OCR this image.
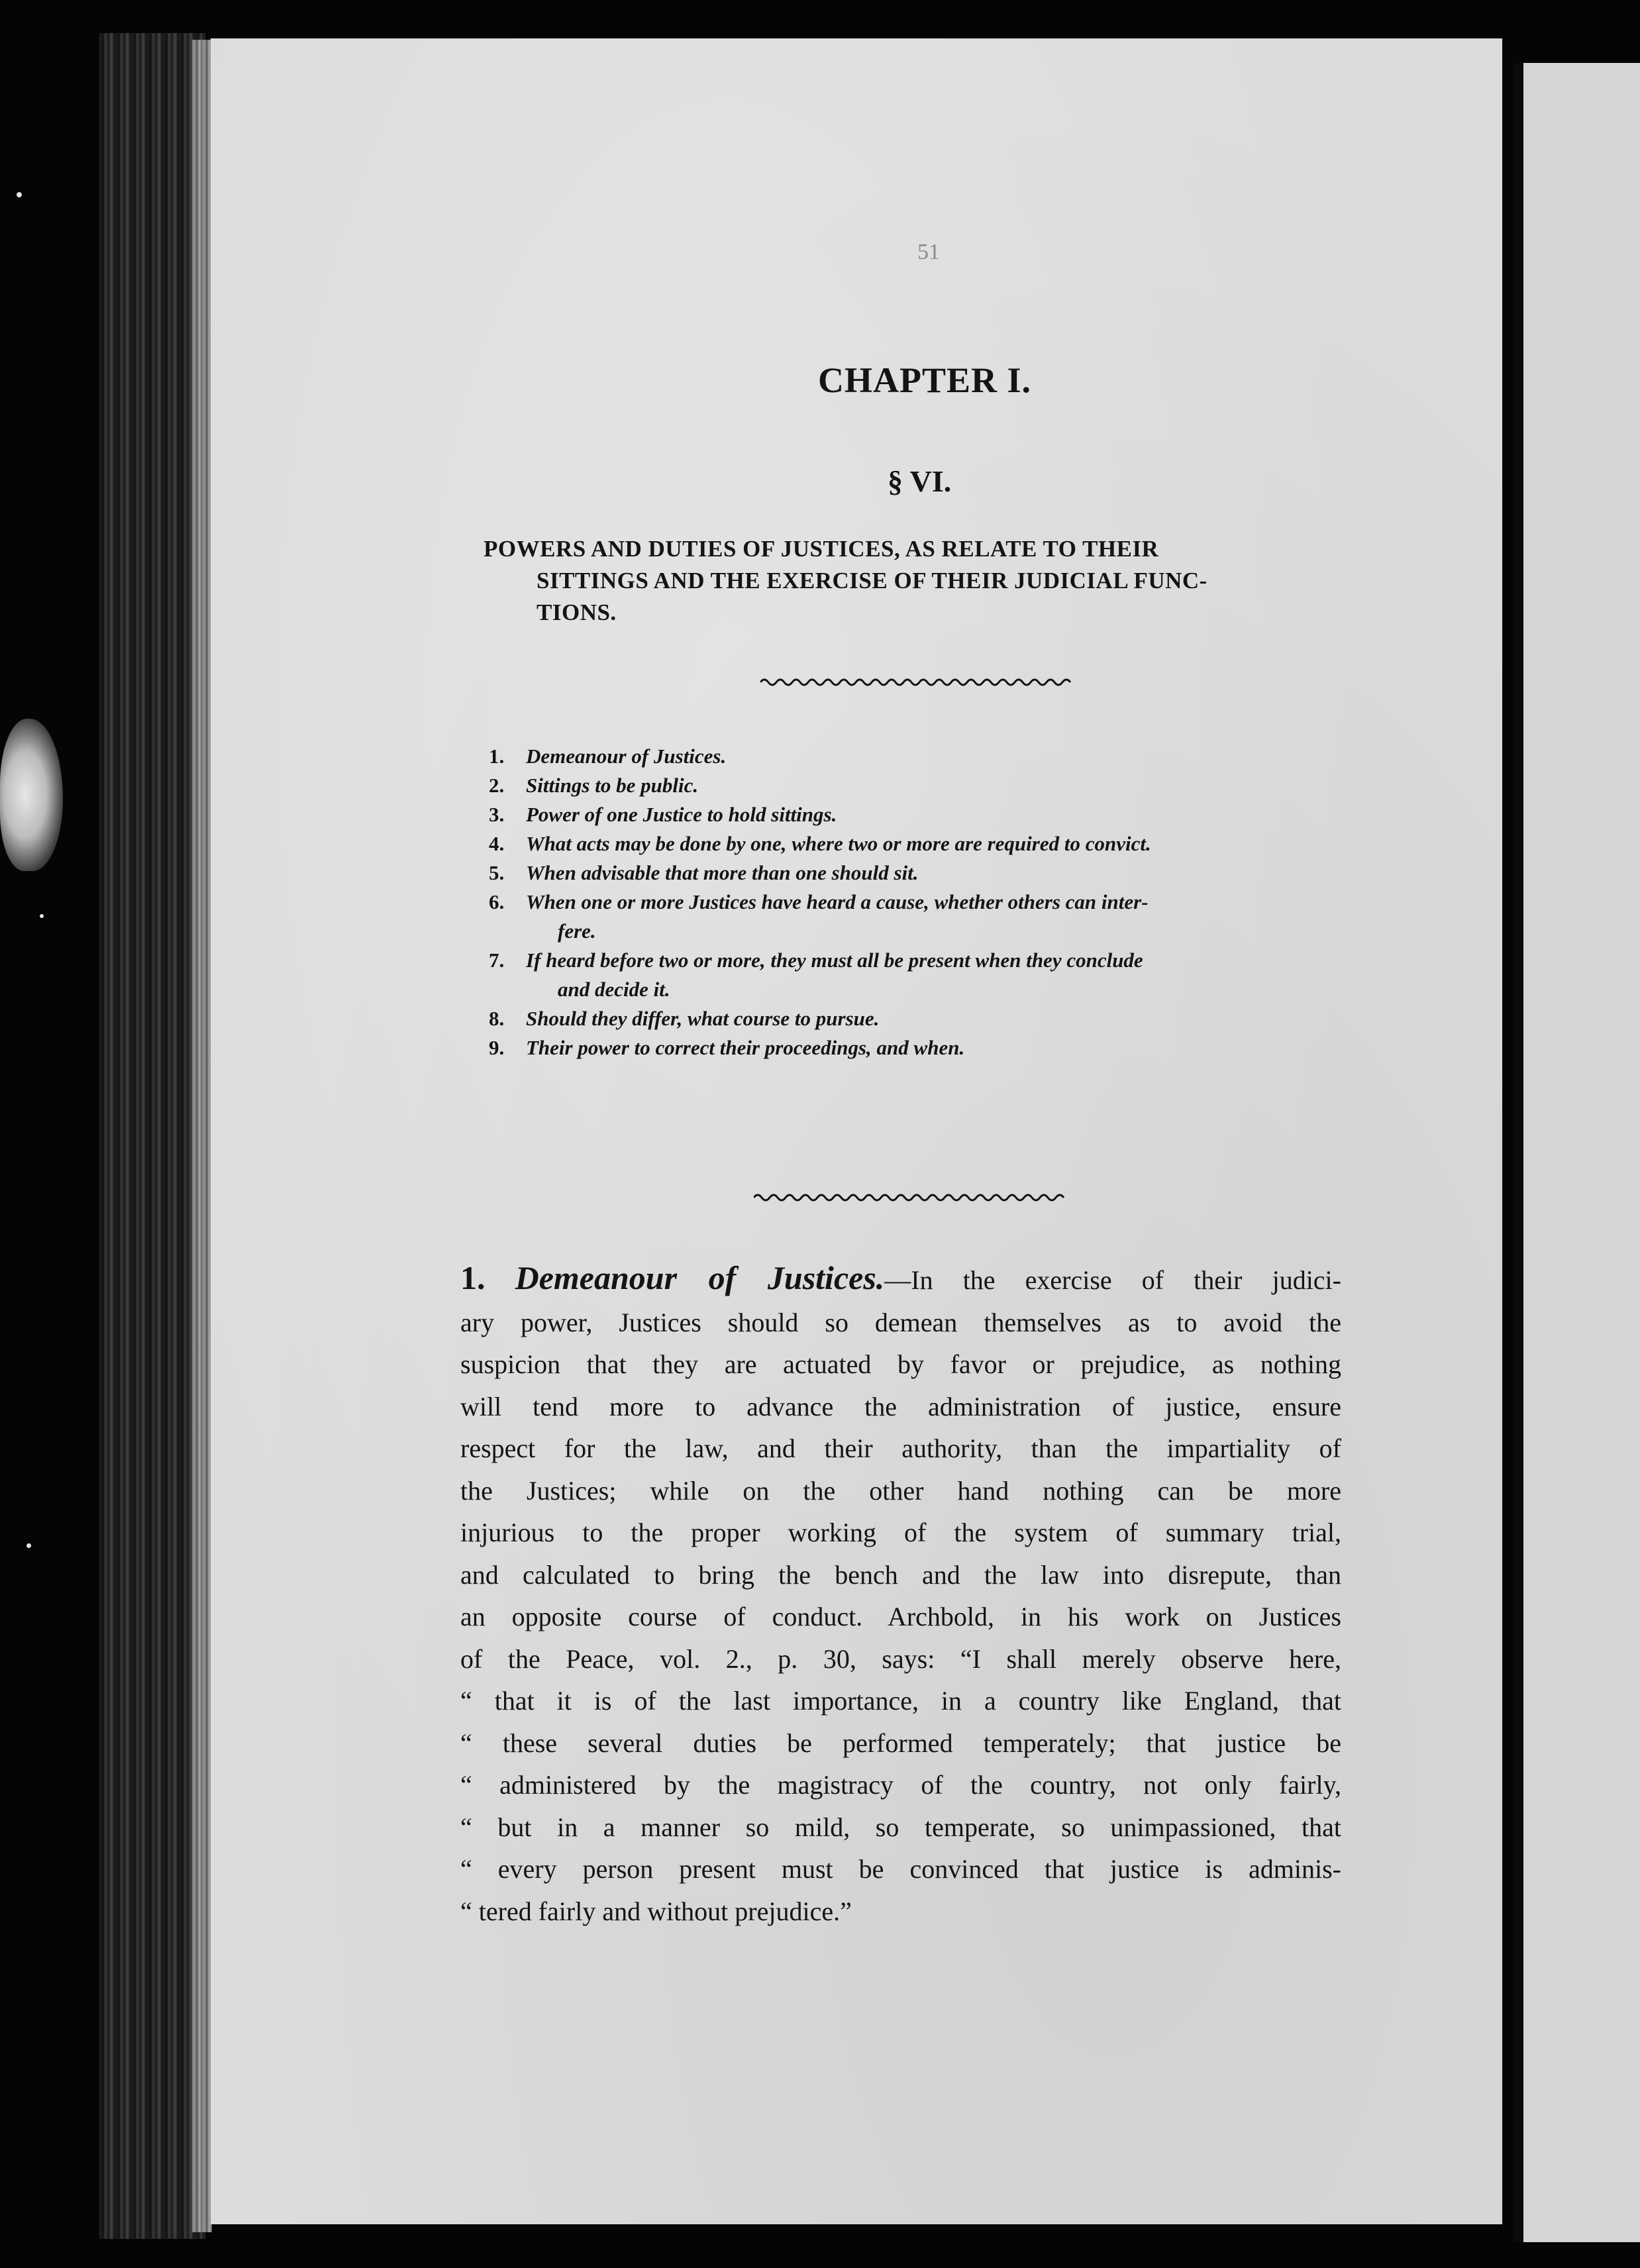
51
CHAPTER I.
§ VI.
POWERS AND DUTIES OF JUSTICES, AS RELATE TO THEIR
SITTINGS AND THE EXERCISE OF THEIR JUDICIAL FUNC-
TIONS.
1. Demeanour of Justices.
2. Sittings to be public.
3. Power of one Justice to hold sittings.
4. What acts may be done by one, where two or more are required to convict.
5. When advisable that more than one should sit.
6. When one or more Justices have heard a cause, whether others can inter-
fere.
7. If heard before two or more, they must all be present when they conclude
and decide it.
8. Should they differ, what course to pursue.
9. Their power to correct their proceedings, and when.
1. Demeanour of Justices.—In the exercise of their judici-
ary power, Justices should so demean themselves as to avoid the
suspicion that they are actuated by favor or prejudice, as nothing
will tend more to advance the administration of justice, ensure
respect for the law, and their authority, than the impartiality of
the Justices; while on the other hand nothing can be more
injurious to the proper working of the system of summary trial,
and calculated to bring the bench and the law into disrepute, than
an opposite course of conduct. Archbold, in his work on Justices
of the Peace, vol. 2., p. 30, says: “I shall merely observe here,
“ that it is of the last importance, in a country like England, that
“ these several duties be performed temperately; that justice be
“ administered by the magistracy of the country, not only fairly,
“ but in a manner so mild, so temperate, so unimpassioned, that
“ every person present must be convinced that justice is adminis-
“ tered fairly and without prejudice.”
